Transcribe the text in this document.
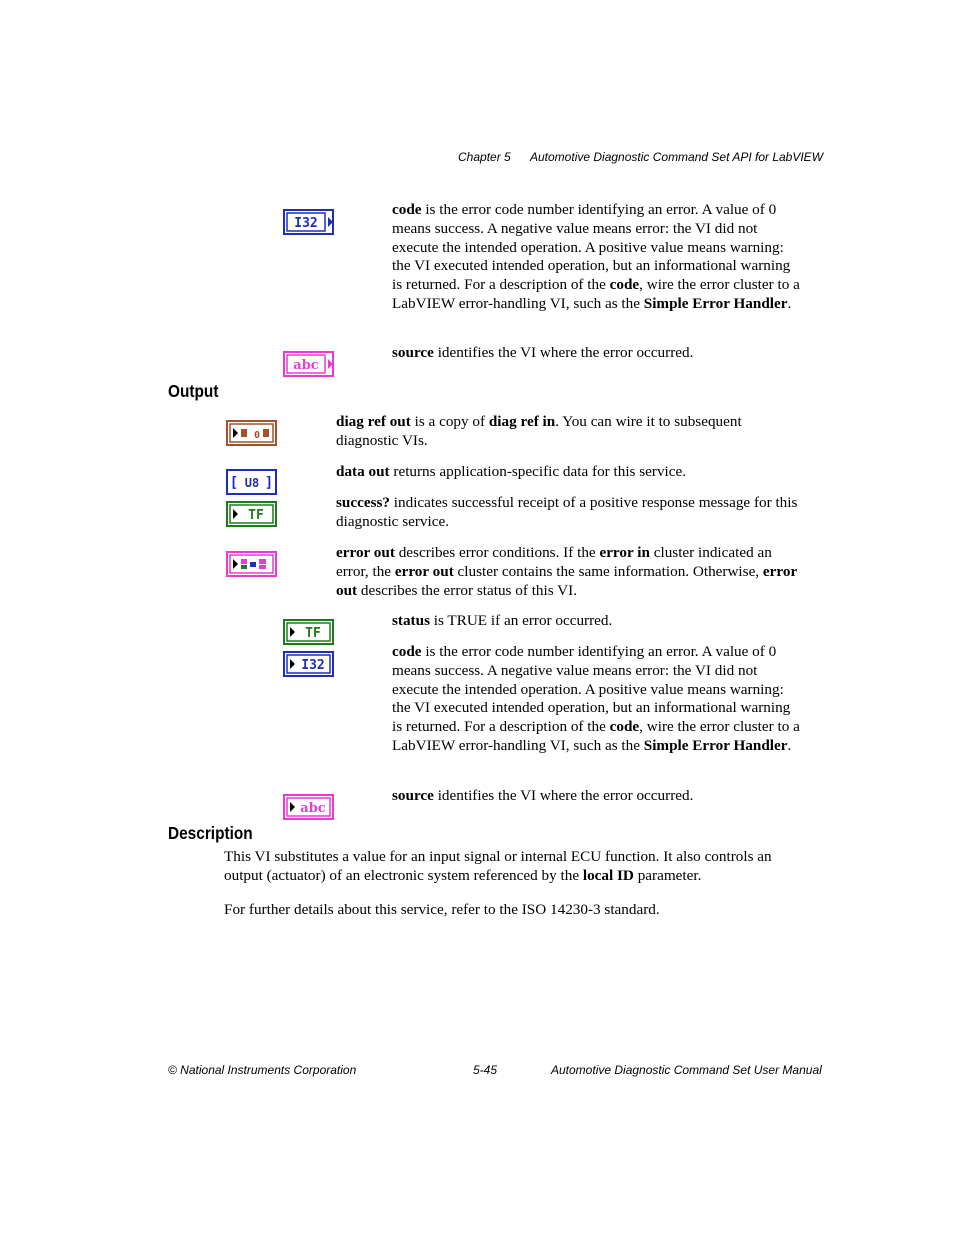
Chapter 5 Automotive Diagnostic Command Set API for LabVIEW
I32
code is the error code number identifying an error. A value of 0 means success. A negative value means error: the VI did not execute the intended operation. A positive value means warning: the VI executed intended operation, but an informational warning is returned. For a description of the code, wire the error cluster to a LabVIEW error-handling VI, such as the Simple Error Handler.
abc
source identifies the VI where the error occurred.
Output
0
diag ref out is a copy of diag ref in. You can wire it to subsequent diagnostic VIs.
[ U8 ]
data out returns application-specific data for this service.
TF
success? indicates successful receipt of a positive response message for this diagnostic service.
error out describes error conditions. If the error in cluster indicated an error, the error out cluster contains the same information. Otherwise, error out describes the error status of this VI.
TF
status is TRUE if an error occurred.
I32
code is the error code number identifying an error. A value of 0 means success. A negative value means error: the VI did not execute the intended operation. A positive value means warning: the VI executed intended operation, but an informational warning is returned. For a description of the code, wire the error cluster to a LabVIEW error-handling VI, such as the Simple Error Handler.
abc
source identifies the VI where the error occurred.
Description
This VI substitutes a value for an input signal or internal ECU function. It also controls an output (actuator) of an electronic system referenced by the local ID parameter.
For further details about this service, refer to the ISO 14230-3 standard.
© National Instruments Corporation	5-45	Automotive Diagnostic Command Set User Manual
